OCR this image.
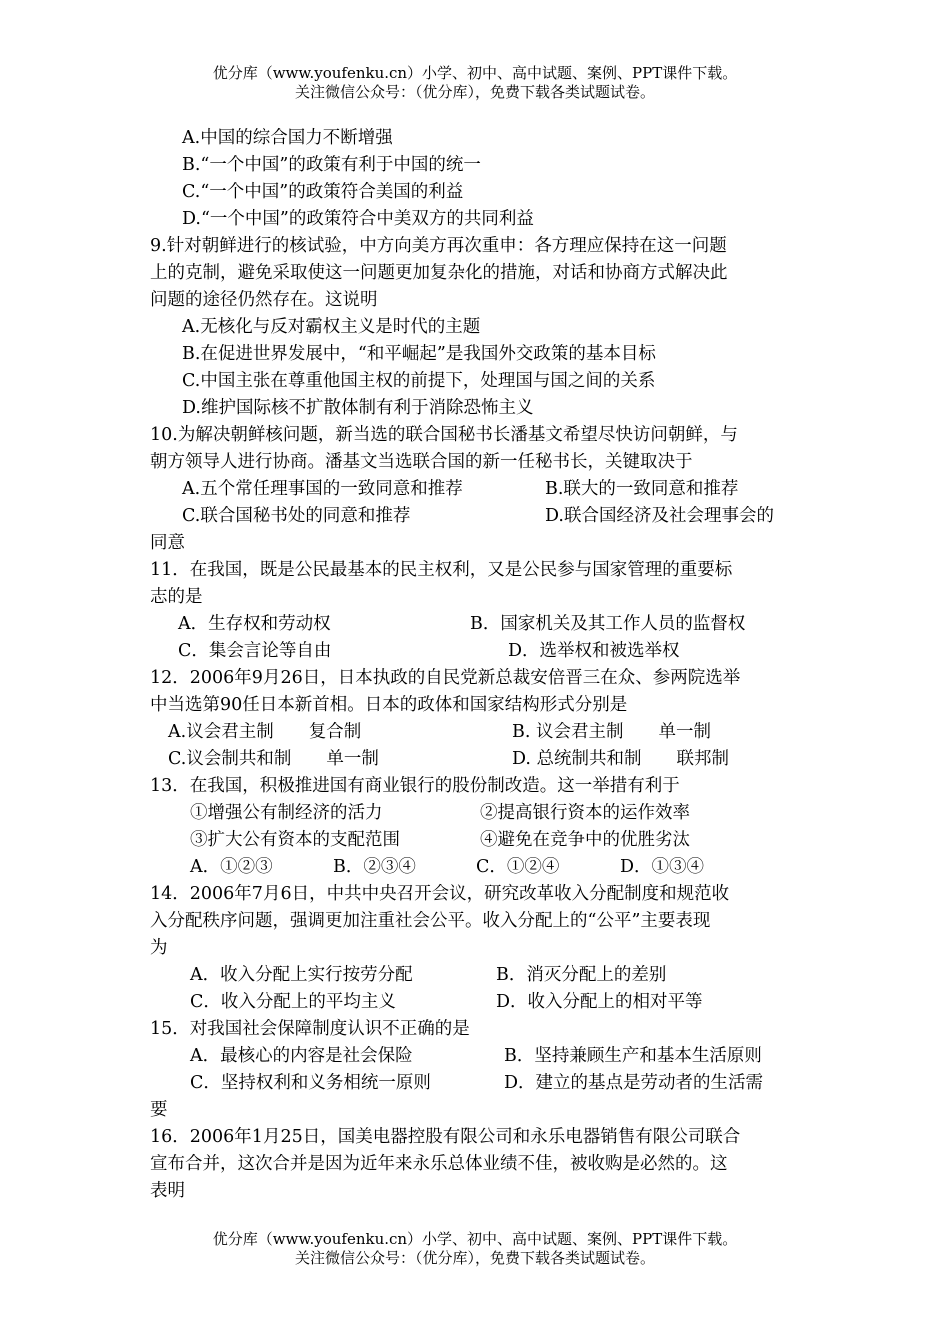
优分库（www.youfenku.cn）小学、初中、高中试题、案例、PPT课件下载。
关注微信公众号：（优分库），免费下载各类试题试卷。
A.中国的综合国力不断增强
B.“一个中国”的政策有利于中国的统一
C.“一个中国”的政策符合美国的利益
D.“一个中国”的政策符合中美双方的共同利益
9.针对朝鲜进行的核试验，中方向美方再次重申：各方理应保持在这一问题
上的克制，避免采取使这一问题更加复杂化的措施，对话和协商方式解决此
问题的途径仍然存在。这说明
A.无核化与反对霸权主义是时代的主题
B.在促进世界发展中，“和平崛起”是我国外交政策的基本目标
C.中国主张在尊重他国主权的前提下，处理国与国之间的关系
D.维护国际核不扩散体制有利于消除恐怖主义
10.为解决朝鲜核问题，新当选的联合国秘书长潘基文希望尽快访问朝鲜，与
朝方领导人进行协商。潘基文当选联合国的新一任秘书长，关键取决于
A.五个常任理事国的一致同意和推荐	B.联大的一致同意和推荐
C.联合国秘书处的同意和推荐	D.联合国经济及社会理事会的
同意
11．在我国，既是公民最基本的民主权利，又是公民参与国家管理的重要标
志的是
A．生存权和劳动权	B．国家机关及其工作人员的监督权
C．集会言论等自由	D．选举权和被选举权
12．2006年9月26日，日本执政的自民党新总裁安倍晋三在众、参两院选举
中当选第90任日本新首相。日本的政体和国家结构形式分别是
A.议会君主制　　复合制	B. 议会君主制　　单一制
C.议会制共和制　　单一制	D. 总统制共和制　　联邦制
13．在我国，积极推进国有商业银行的股份制改造。这一举措有利于
①增强公有制经济的活力	②提高银行资本的运作效率
③扩大公有资本的支配范围	④避免在竞争中的优胜劣汰
A．①②③	B．②③④	C．①②④	D．①③④
14．2006年7月6日，中共中央召开会议，研究改革收入分配制度和规范收
入分配秩序问题，强调更加注重社会公平。收入分配上的“公平”主要表现
为
A．收入分配上实行按劳分配	B．消灭分配上的差别
C．收入分配上的平均主义	D．收入分配上的相对平等
15．对我国社会保障制度认识不正确的是
A．最核心的内容是社会保险	B．坚持兼顾生产和基本生活原则
C．坚持权利和义务相统一原则	D．建立的基点是劳动者的生活需
要
16．2006年1月25日，国美电器控股有限公司和永乐电器销售有限公司联合
宣布合并，这次合并是因为近年来永乐总体业绩不佳，被收购是必然的。这
表明
优分库（www.youfenku.cn）小学、初中、高中试题、案例、PPT课件下载。
关注微信公众号：（优分库），免费下载各类试题试卷。
